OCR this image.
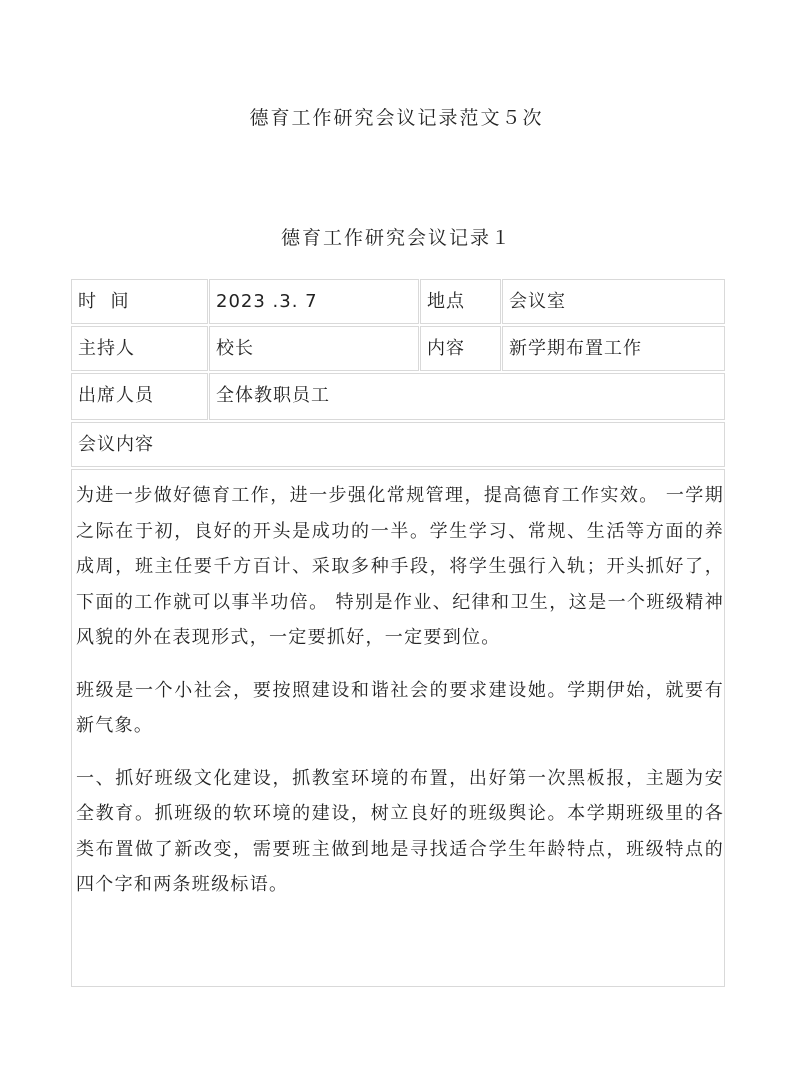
德育工作研究会议记录范文５次
德育工作研究会议记录１
时  间	2023 .3. 7	地点	会议室
主持人	校长	内容	新学期布置工作
出席人员	全体教职员工
会议内容

为进一步做好德育工作，进一步强化常规管理，提高德育工作实效。 一学期之际在于初，良好的开头是成功的一半。学生学习、常规、生活等方面的养成周，班主任要千方百计、采取多种手段，将学生强行入轨；开头抓好了，下面的工作就可以事半功倍。 特别是作业、纪律和卫生，这是一个班级精神风貌的外在表现形式，一定要抓好，一定要到位。

班级是一个小社会，要按照建设和谐社会的要求建设她。学期伊始，就要有新气象。

一、抓好班级文化建设，抓教室环境的布置，出好第一次黑板报，主题为安全教育。抓班级的软环境的建设，树立良好的班级舆论。本学期班级里的各类布置做了新改变，需要班主做到地是寻找适合学生年龄特点，班级特点的四个字和两条班级标语。
